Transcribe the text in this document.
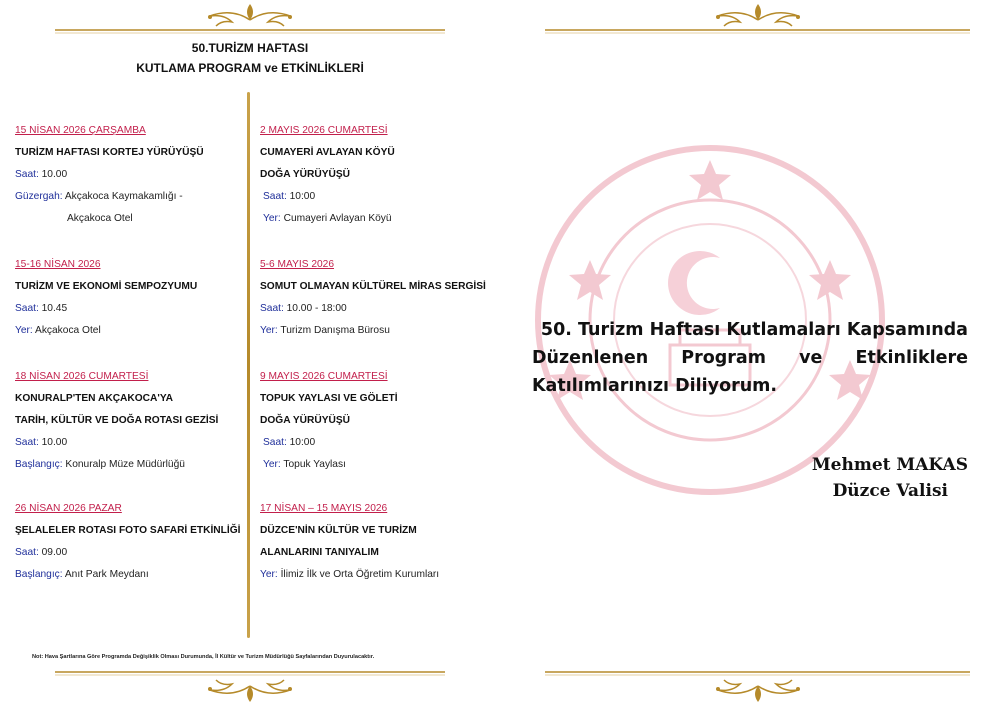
50.TURİZM HAFTASI
KUTLAMA PROGRAM ve ETKİNLİKLERİ
15 NİSAN 2026 ÇARŞAMBA
TURİZM HAFTASI KORTEJ YÜRÜYÜŞÜ
Saat: 10.00
Güzergah: Akçakoca Kaymakamlığı -
Akçakoca Otel
15-16 NİSAN 2026
TURİZM VE EKONOMİ SEMPOZYUMU
Saat: 10.45
Yer: Akçakoca Otel
18 NİSAN 2026 CUMARTESİ
KONURALP'TEN AKÇAKOCA'YA
TARİH, KÜLTÜR VE DOĞA ROTASI GEZİSİ
Saat: 10.00
Başlangıç: Konuralp Müze Müdürlüğü
26 NİSAN 2026 PAZAR
ŞELALELER ROTASI FOTO SAFARİ ETKİNLİĞİ
Saat: 09.00
Başlangıç: Anıt Park Meydanı
2 MAYIS 2026 CUMARTESİ
CUMAYERİ AVLAYAN KÖYÜ
DOĞA YÜRÜYÜŞÜ
Saat: 10:00
Yer: Cumayeri Avlayan Köyü
5-6 MAYIS 2026
SOMUT OLMAYAN KÜLTÜREL MİRAS SERGİSİ
Saat: 10.00 - 18:00
Yer: Turizm Danışma Bürosu
9 MAYIS 2026 CUMARTESİ
TOPUK YAYLASI VE GÖLETİ
DOĞA YÜRÜYÜŞÜ
Saat: 10:00
Yer: Topuk Yaylası
17 NİSAN – 15 MAYIS 2026
DÜZCE'NİN KÜLTÜR VE TURİZM
ALANLARINI TANIYALIM
Yer: İlimiz İlk ve Orta Öğretim Kurumları
Not: Hava Şartlarına Göre Programda Değişiklik Olması Durumunda, İl Kültür ve Turizm Müdürlüğü Sayfalarından Duyurulacaktır.
50. Turizm Haftası Kutlamaları Kapsamında
Düzenlenen Program ve Etkinliklere
Katılımlarınızı Diliyorum.
Mehmet MAKAS
Düzce Valisi
